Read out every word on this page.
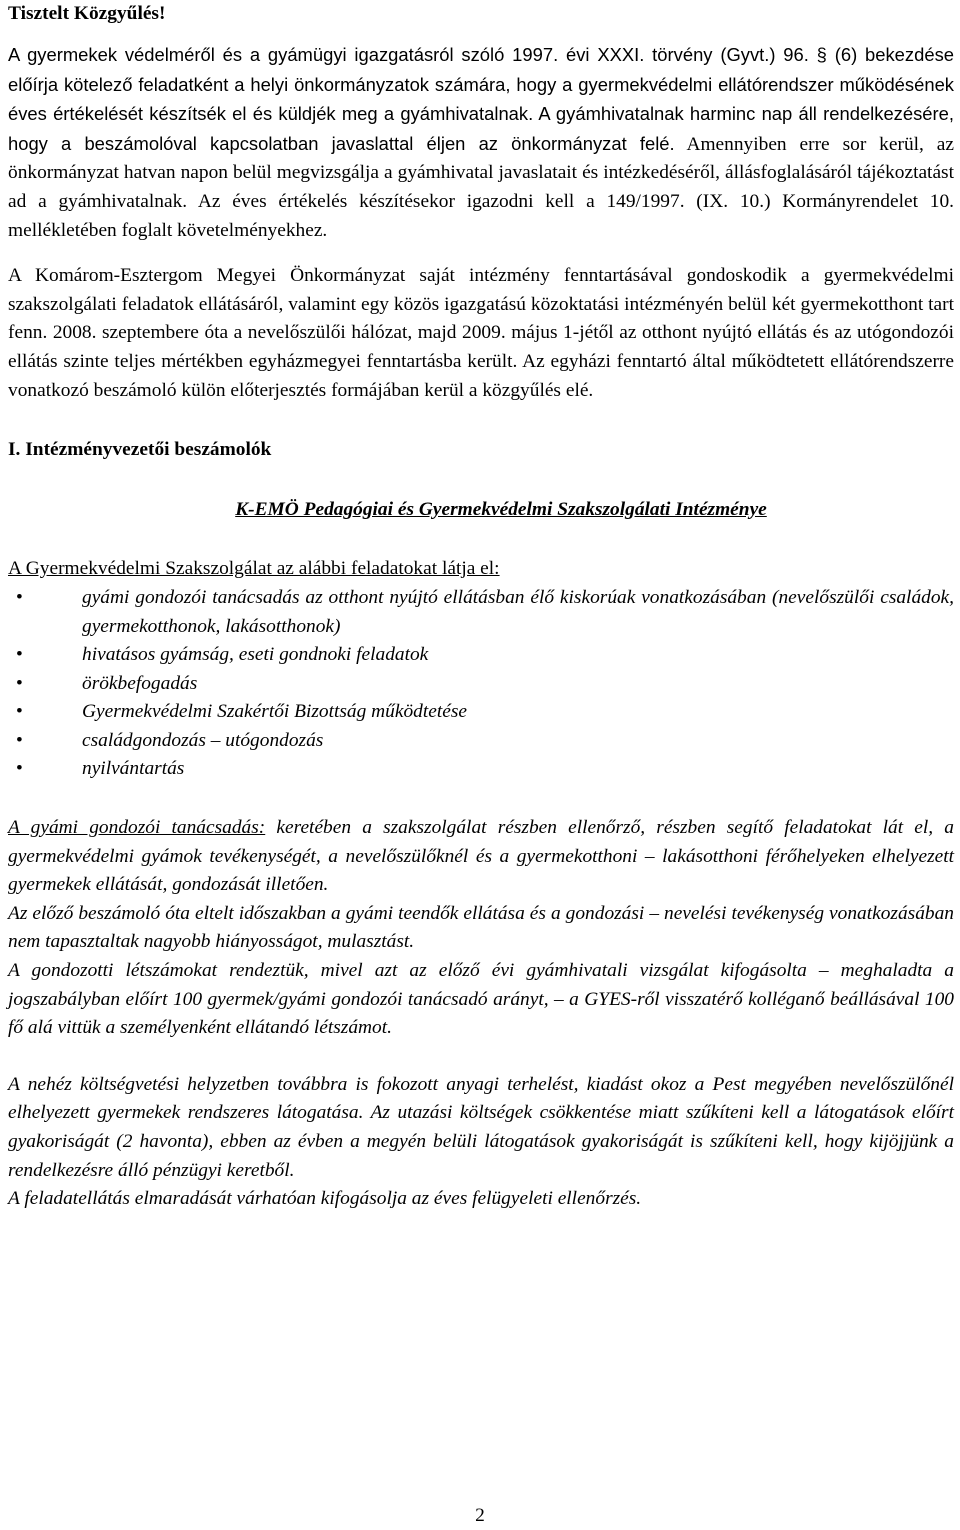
Tisztelt Közgyűlés!

A gyermekek védelméről és a gyámügyi igazgatásról szóló 1997. évi XXXI. törvény (Gyvt.) 96. § (6) bekezdése előírja kötelező feladatként a helyi önkormányzatok számára, hogy a gyermekvédelmi ellátórendszer működésének éves értékelését készítsék el és küldjék meg a gyámhivatalnak. A gyámhivatalnak harminc nap áll rendelkezésére, hogy a beszámolóval kapcsolatban javaslattal éljen az önkormányzat felé. Amennyiben erre sor kerül, az önkormányzat hatvan napon belül megvizsgálja a gyámhivatal javaslatait és intézkedéséről, állásfoglalásáról tájékoztatást ad a gyámhivatalnak. Az éves értékelés készítésekor igazodni kell a 149/1997. (IX. 10.) Kormányrendelet 10. mellékletében foglalt követelményekhez.

A Komárom-Esztergom Megyei Önkormányzat saját intézmény fenntartásával gondoskodik a gyermekvédelmi szakszolgálati feladatok ellátásáról, valamint egy közös igazgatású közoktatási intézményén belül két gyermekotthont tart fenn. 2008. szeptembere óta a nevelőszülői hálózat, majd 2009. május 1-jétől az otthont nyújtó ellátás és az utógondozói ellátás szinte teljes mértékben egyházmegyei fenntartásba került. Az egyházi fenntartó által működtetett ellátórendszerre vonatkozó beszámoló külön előterjesztés formájában kerül a közgyűlés elé.

I. Intézményvezetői beszámolók
K-EMÖ Pedagógiai és Gyermekvédelmi Szakszolgálati Intézménye
A Gyermekvédelmi Szakszolgálat az alábbi feladatokat látja el:
•	gyámi gondozói tanácsadás az otthont nyújtó ellátásban élő kiskorúak vonatkozásában (nevelőszülői családok, gyermekotthonok, lakásotthonok)
•	hivatásos gyámság, eseti gondnoki feladatok
•	örökbefogadás
•	Gyermekvédelmi Szakértői Bizottság működtetése
•	családgondozás – utógondozás
•	nyilvántartás

A gyámi gondozói tanácsadás: keretében a szakszolgálat részben ellenőrző, részben segítő feladatokat lát el, a gyermekvédelmi gyámok tevékenységét, a nevelőszülőknél és a gyermekotthoni – lakásotthoni férőhelyeken elhelyezett gyermekek ellátását, gondozását illetően.

Az előző beszámoló óta eltelt időszakban a gyámi teendők ellátása és a gondozási – nevelési tevékenység vonatkozásában nem tapasztaltak nagyobb hiányosságot, mulasztást.

A gondozotti létszámokat rendeztük, mivel azt az előző évi gyámhivatali vizsgálat kifogásolta – meghaladta a jogszabályban előírt 100 gyermek/gyámi gondozói tanácsadó arányt, – a GYES-ről visszatérő kolléganő beállásával 100 fő alá vittük a személyenként ellátandó létszámot.

A nehéz költségvetési helyzetben továbbra is fokozott anyagi terhelést, kiadást okoz a Pest megyében nevelőszülőnél elhelyezett gyermekek rendszeres látogatása. Az utazási költségek csökkentése miatt szűkíteni kell a látogatások előírt gyakoriságát (2 havonta), ebben az évben a megyén belüli látogatások gyakoriságát is szűkíteni kell, hogy kijöjjünk a rendelkezésre álló pénzügyi keretből.

A feladatellátás elmaradását várhatóan kifogásolja az éves felügyeleti ellenőrzés.

2
